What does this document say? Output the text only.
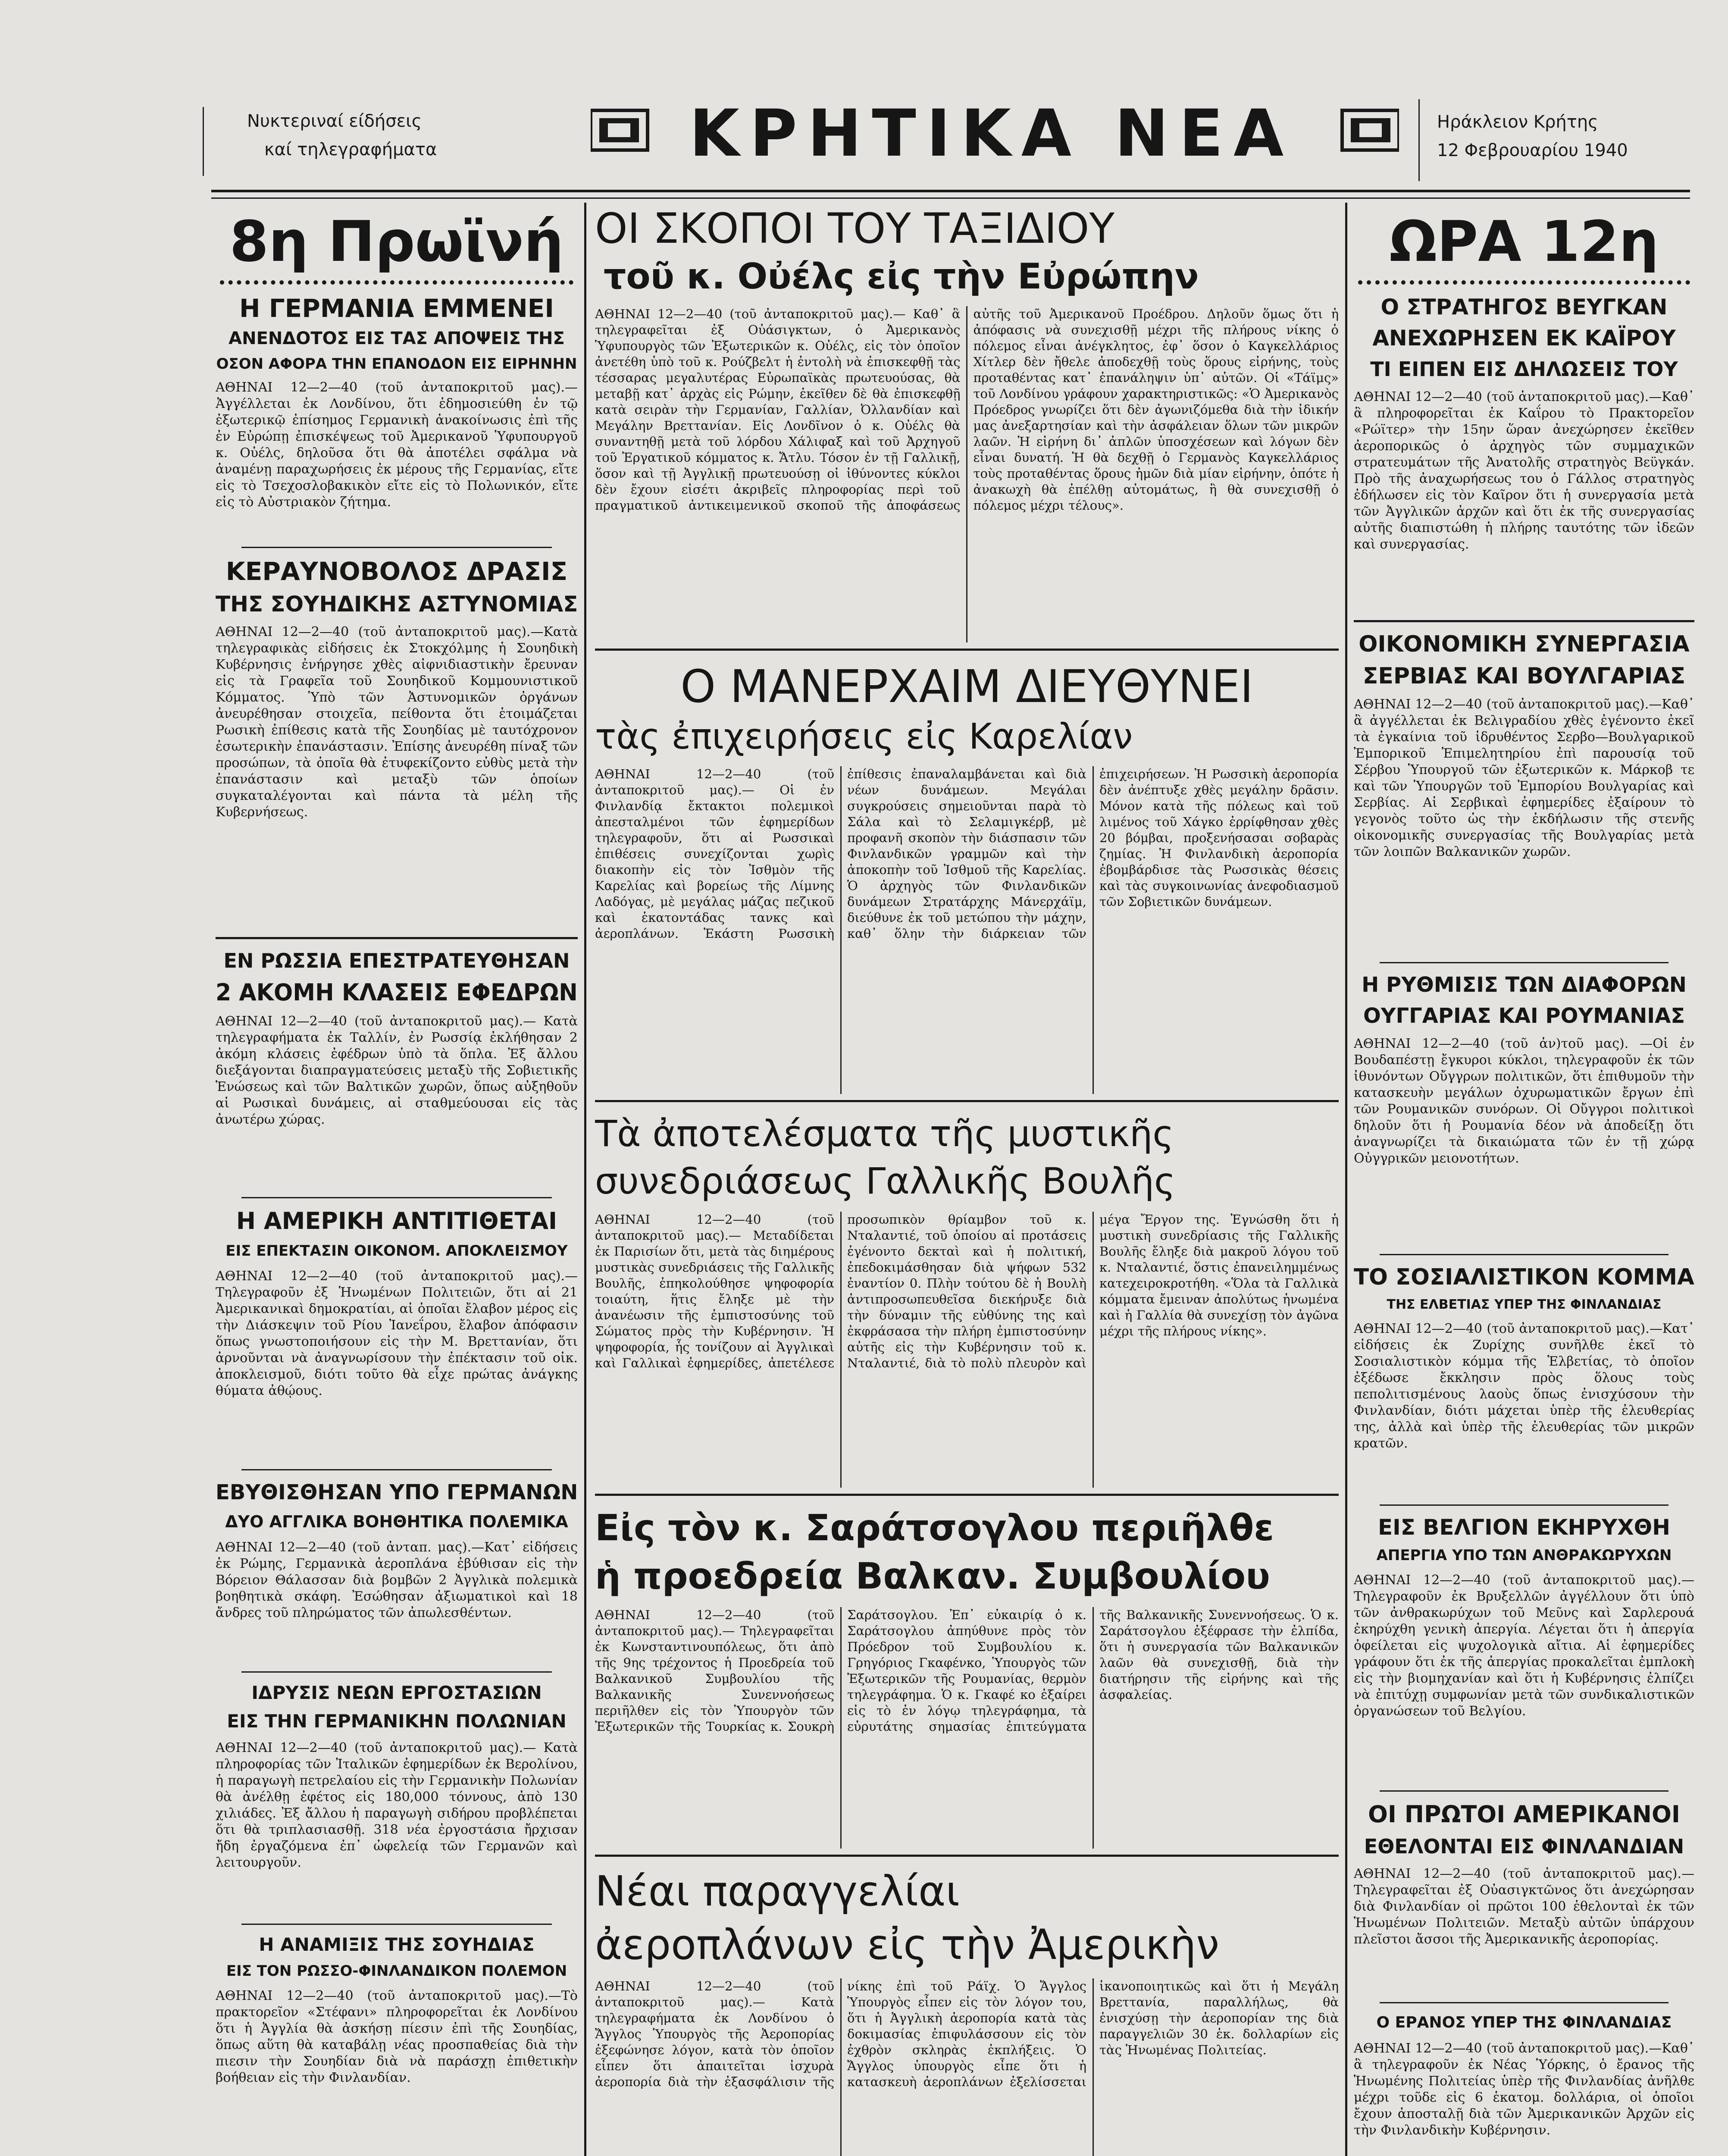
Νυκτεριναί είδήσεις
καί τηλεγραφήματα	ΚΡΗΤΙΚΑ ΝΕΑ	Ηράκλειον Κρήτης
12 Φεβρουαρίου 1940
8η Πρωϊνή
Η ΓΕΡΜΑΝΙΑ ΕΜΜΕΝΕΙ
ΑΝΕΝΔΟΤΟΣ ΕΙΣ ΤΑΣ ΑΠΟΨΕΙΣ ΤΗΣ
ΟΣΟΝ ΑΦΟΡΑ ΤΗΝ ΕΠΑΝΟΔΟΝ ΕΙΣ ΕΙΡΗΝΗΝ
ΑΘΗΝΑΙ 12—2—40 (τοῦ ἀνταποκριτοῦ μας).—Ἀγγέλλεται ἐκ Λονδίνου, ὅτι ἐδημοσιεύθη ἐν τῷ ἐξωτερικῷ ἐπίσημος Γερμανικὴ ἀνακοίνωσις ἐπὶ τῆς ἐν Εὐρώπῃ ἐπισκέψεως τοῦ Ἀμερικανοῦ Ὑφυπουργοῦ κ. Οὐέλς, δηλοῦσα ὅτι θὰ ἀποτέλει σφάλμα νὰ ἀναμένῃ παραχωρήσεις ἐκ μέρους τῆς Γερμανίας, εἴτε εἰς τὸ Τσεχοσλοβακικὸν εἴτε εἰς τὸ Πολωνικόν, εἴτε εἰς τὸ Αὐστριακὸν ζήτημα.
ΚΕΡΑΥΝΟΒΟΛΟΣ ΔΡΑΣΙΣ
ΤΗΣ ΣΟΥΗΔΙΚΗΣ ΑΣΤΥΝΟΜΙΑΣ
ΑΘΗΝΑΙ 12—2—40 (τοῦ ἀνταποκριτοῦ μας).—Κατὰ τηλεγραφικὰς εἰδήσεις ἐκ Στοκχόλμης ἡ Σουηδικὴ Κυβέρνησις ἐνήργησε χθὲς αἰφνιδιαστικὴν ἔρευναν εἰς τὰ Γραφεῖα τοῦ Σουηδικοῦ Κομμουνιστικοῦ Κόμματος. Ὑπὸ τῶν Ἀστυνομικῶν ὀργάνων ἀνευρέθησαν στοιχεῖα, πείθοντα ὅτι ἑτοιμάζεται Ρωσικὴ ἐπίθεσις κατὰ τῆς Σουηδίας μὲ ταυτόχρονον ἐσωτερικὴν ἐπανάστασιν. Ἐπίσης ἀνευρέθη πίναξ τῶν προσώπων, τὰ ὁποῖα θὰ ἐτυφεκίζοντο εὐθὺς μετὰ τὴν ἐπανάστασιν καὶ μεταξὺ τῶν ὁποίων συγκαταλέγονται καὶ πάντα τὰ μέλη τῆς Κυβερνήσεως.
ΕΝ ΡΩΣΣΙΑ ΕΠΕΣΤΡΑΤΕΥΘΗΣΑΝ
2 ΑΚΟΜΗ ΚΛΑΣΕΙΣ ΕΦΕΔΡΩΝ
ΑΘΗΝΑΙ 12—2—40 (τοῦ ἀνταποκριτοῦ μας).— Κατὰ τηλεγραφήματα ἐκ Ταλλίν, ἐν Ρωσσίᾳ ἐκλήθησαν 2 ἀκόμη κλάσεις ἐφέδρων ὑπὸ τὰ ὅπλα. Ἐξ ἄλλου διεξάγονται διαπραγματεύσεις μεταξὺ τῆς Σοβιετικῆς Ἑνώσεως καὶ τῶν Βαλτικῶν χωρῶν, ὅπως αὐξηθοῦν αἱ Ρωσικαὶ δυνάμεις, αἱ σταθμεύουσαι εἰς τὰς ἀνωτέρω χώρας.
Η ΑΜΕΡΙΚΗ ΑΝΤΙΤΙΘΕΤΑΙ
ΕΙΣ ΕΠΕΚΤΑΣΙΝ ΟΙΚΟΝΟΜ. ΑΠΟΚΛΕΙΣΜΟΥ
ΑΘΗΝΑΙ 12—2—40 (τοῦ ἀνταποκριτοῦ μας).—Τηλεγραφοῦν ἐξ Ἡνωμένων Πολιτειῶν, ὅτι αἱ 21 Ἀμερικανικαὶ δημοκρατίαι, αἱ ὁποῖαι ἔλαβον μέρος εἰς τὴν Διάσκεψιν τοῦ Ρίου Ἰανεΐρου, ἔλαβον ἀπόφασιν ὅπως γνωστοποιήσουν εἰς τὴν Μ. Βρεττανίαν, ὅτι ἀρνοῦνται νὰ ἀναγνωρίσουν τὴν ἐπέκτασιν τοῦ οἰκ. ἀποκλεισμοῦ, διότι τοῦτο θὰ εἶχε πρώτας ἀνάγκης θύματα ἀθῴους.
ΕΒΥΘΙΣΘΗΣΑΝ ΥΠΟ ΓΕΡΜΑΝΩΝ
ΔΥΟ ΑΓΓΛΙΚΑ ΒΟΗΘΗΤΙΚΑ ΠΟΛΕΜΙΚΑ
ΑΘΗΝΑΙ 12—2—40 (τοῦ ἀνταπ. μας).—Κατ᾽ εἰδήσεις ἐκ Ρώμης, Γερμανικὰ ἀεροπλάνα ἐβύθισαν εἰς τὴν Βόρειον Θάλασσαν διὰ βομβῶν 2 Ἀγγλικὰ πολεμικὰ βοηθητικὰ σκάφη. Ἐσώθησαν ἀξιωματικοὶ καὶ 18 ἄνδρες τοῦ πληρώματος τῶν ἀπωλεσθέντων.
ΙΔΡΥΣΙΣ ΝΕΩΝ ΕΡΓΟΣΤΑΣΙΩΝ
ΕΙΣ ΤΗΝ ΓΕΡΜΑΝΙΚΗΝ ΠΟΛΩΝΙΑΝ
ΑΘΗΝΑΙ 12—2—40 (τοῦ ἀνταποκριτοῦ μας).— Κατὰ πληροφορίας τῶν Ἰταλικῶν ἐφημερίδων ἐκ Βερολίνου, ἡ παραγωγὴ πετρελαίου εἰς τὴν Γερμανικὴν Πολωνίαν θὰ ἀνέλθῃ ἐφέτος εἰς 180,000 τόννους, ἀπὸ 130 χιλιάδες. Ἐξ ἄλλου ἡ παραγωγὴ σιδήρου προβλέπεται ὅτι θὰ τριπλασιασθῇ. 318 νέα ἐργοστάσια ἤρχισαν ἤδη ἐργαζόμενα ἐπ᾽ ὠφελείᾳ τῶν Γερμανῶν καὶ λειτουργοῦν.
Η ΑΝΑΜΙΞΙΣ ΤΗΣ ΣΟΥΗΔΙΑΣ
ΕΙΣ ΤΟΝ ΡΩΣΣΟ-ΦΙΝΛΑΝΔΙΚΟΝ ΠΟΛΕΜΟΝ
ΑΘΗΝΑΙ 12—2—40 (τοῦ ἀνταποκριτοῦ μας).—Τὸ πρακτορεῖον «Στέφανι» πληροφορεῖται ἐκ Λονδίνου ὅτι ἡ Ἀγγλία θὰ ἀσκήσῃ πίεσιν ἐπὶ τῆς Σουηδίας, ὅπως αὕτη θὰ καταβάλῃ νέας προσπαθείας διὰ τὴν πιεσιν τὴν Σουηδίαν διὰ νὰ παράσχῃ ἐπιθετικὴν βοήθειαν εἰς τὴν Φινλανδίαν.
ΟΙ ΣΚΟΠΟΙ ΤΟΥ ΤΑΞΙΔΙΟΥ
τοῦ κ. Οὐέλς εἰς τὴν Εὐρώπην
ΑΘΗΝΑΙ 12—2—40 (τοῦ ἀνταποκριτοῦ μας).— Καθ᾽ ἃ τηλεγραφεῖται ἐξ Οὐάσιγκτων, ὁ Ἀμερικανὸς Ὑφυπουργὸς τῶν Ἐξωτερικῶν κ. Οὐέλς, εἰς τὸν ὁποῖον ἀνετέθη ὑπὸ τοῦ κ. Ρούζβελτ ἡ ἐντολὴ νὰ ἐπισκεφθῇ τὰς τέσσαρας μεγαλυτέρας Εὐρωπαϊκὰς πρωτευούσας, θὰ μεταβῇ κατ᾽ ἀρχὰς εἰς Ρώμην, ἐκεῖθεν δὲ θὰ ἐπισκεφθῇ κατὰ σειρὰν τὴν Γερμανίαν, Γαλλίαν, Ὀλλανδίαν καὶ Μεγάλην Βρεττανίαν. Εἰς Λονδῖνον ὁ κ. Οὐέλς θὰ συναντηθῇ μετὰ τοῦ λόρδου Χάλιφαξ καὶ τοῦ Ἀρχηγοῦ τοῦ Ἐργατικοῦ κόμματος κ. Ἄτλυ. Τόσον ἐν τῇ Γαλλικῇ, ὅσον καὶ τῇ Ἀγγλικῇ πρωτευούσῃ οἱ ἰθύνοντες κύκλοι δὲν ἔχουν εἰσέτι ἀκριβεῖς πληροφορίας περὶ τοῦ πραγματικοῦ ἀντικειμενικοῦ σκοποῦ τῆς ἀποφάσεως αὐτῆς τοῦ Ἀμερικανοῦ Προέδρου. Δηλοῦν ὅμως ὅτι ἡ ἀπόφασις νὰ συνεχισθῇ μέχρι τῆς πλήρους νίκης ὁ πόλεμος εἶναι ἀνέγκλητος, ἐφ᾽ ὅσον ὁ Καγκελλάριος Χίτλερ δὲν ἤθελε ἀποδεχθῇ τοὺς ὅρους εἰρήνης, τοὺς προταθέντας κατ᾽ ἐπανάληψιν ὑπ᾽ αὐτῶν. Οἱ «Τάϊμς» τοῦ Λονδίνου γράφουν χαρακτηριστικῶς: «Ὁ Ἀμερικανὸς Πρόεδρος γνωρίζει ὅτι δὲν ἀγωνιζόμεθα διὰ τὴν ἰδικήν μας ἀνεξαρτησίαν καὶ τὴν ἀσφάλειαν ὅλων τῶν μικρῶν λαῶν. Ἡ εἰρήνη δι᾽ ἀπλῶν ὑποσχέσεων καὶ λόγων δὲν εἶναι δυνατή. Ἡ θὰ δεχθῇ ὁ Γερμανὸς Καγκελλάριος τοὺς προταθέντας ὅρους ἡμῶν διὰ μίαν εἰρήνην, ὁπότε ἡ ἀνακωχὴ θὰ ἐπέλθῃ αὐτομάτως, ἢ θὰ συνεχισθῇ ὁ πόλεμος μέχρι τέλους».
Ο ΜΑΝΕΡΧΑΙΜ ΔΙΕΥΘΥΝΕΙ
τὰς ἐπιχειρήσεις εἰς Καρελίαν
ΑΘΗΝΑΙ 12—2—40 (τοῦ ἀνταποκριτοῦ μας).— Οἱ ἐν Φινλανδίᾳ ἔκτακτοι πολεμικοὶ ἀπεσταλμένοι τῶν ἐφημερίδων τηλεγραφοῦν, ὅτι αἱ Ρωσσικαὶ ἐπιθέσεις συνεχίζονται χωρὶς διακοπὴν εἰς τὸν Ἰσθμὸν τῆς Καρελίας καὶ βορείως τῆς Λίμνης Λαδόγας, μὲ μεγάλας μάζας πεζικοῦ καὶ ἑκατοντάδας τανκς καὶ ἀεροπλάνων. Ἑκάστη Ρωσσικὴ ἐπίθεσις ἐπαναλαμβάνεται καὶ διὰ νέων δυνάμεων. Μεγάλαι συγκρούσεις σημειοῦνται παρὰ τὸ Σάλα καὶ τὸ Σελαμιγκέρβ, μὲ προφανῆ σκοπὸν τὴν διάσπασιν τῶν Φινλανδικῶν γραμμῶν καὶ τὴν ἀποκοπὴν τοῦ Ἰσθμοῦ τῆς Καρελίας. Ὁ ἀρχηγὸς τῶν Φινλανδικῶν δυνάμεων Στρατάρχης Μάνερχάϊμ, διεύθυνε ἐκ τοῦ μετώπου τὴν μάχην, καθ᾽ ὅλην τὴν διάρκειαν τῶν ἐπιχειρήσεων. Ἡ Ρωσσικὴ ἀεροπορία δὲν ἀνέπτυξε χθὲς μεγάλην δρᾶσιν. Μόνον κατὰ τῆς πόλεως καὶ τοῦ λιμένος τοῦ Χάγκο ἐρρίφθησαν χθὲς 20 βόμβαι, προξενήσασαι σοβαρὰς ζημίας. Ἡ Φινλανδικὴ ἀεροπορία ἐβομβάρδισε τὰς Ρωσσικὰς θέσεις καὶ τὰς συγκοινωνίας ἀνεφοδιασμοῦ τῶν Σοβιετικῶν δυνάμεων.
Τὰ ἀποτελέσματα τῆς μυστικῆς
συνεδριάσεως Γαλλικῆς Βουλῆς
ΑΘΗΝΑΙ 12—2—40 (τοῦ ἀνταποκριτοῦ μας).— Μεταδίδεται ἐκ Παρισίων ὅτι, μετὰ τὰς διημέρους μυστικὰς συνεδριάσεις τῆς Γαλλικῆς Βουλῆς, ἐπηκολούθησε ψηφοφορία τοιαύτη, ἥτις ἔληξε μὲ τὴν ἀνανέωσιν τῆς ἐμπιστοσύνης τοῦ Σώματος πρὸς τὴν Κυβέρνησιν. Ἡ ψηφοφορία, ἧς τονίζουν αἱ Ἀγγλικαὶ καὶ Γαλλικαὶ ἐφημερίδες, ἀπετέλεσε προσωπικὸν θρίαμβον τοῦ κ. Νταλαντιέ, τοῦ ὁποίου αἱ προτάσεις ἐγένοντο δεκταὶ καὶ ἡ πολιτική, ἐπεδοκιμάσθησαν διὰ ψήφων 532 ἐναντίον 0. Πλὴν τούτου δὲ ἡ Βουλὴ ἀντιπροσωπευθεῖσα διεκήρυξε διὰ τὴν δύναμιν τῆς εὐθύνης της καὶ ἐκφράσασα τὴν πλήρη ἐμπιστοσύνην αὐτῆς εἰς τὴν Κυβέρνησιν τοῦ κ. Νταλαντιέ, διὰ τὸ πολὺ πλευρὸν καὶ μέγα Ἔργον της. Ἐγνώσθη ὅτι ἡ μυστικὴ συνεδρίασις τῆς Γαλλικῆς Βουλῆς ἔληξε διὰ μακροῦ λόγου τοῦ κ. Νταλαντιέ, ὅστις ἐπανειλημμένως κατεχειροκροτήθη. «Ὅλα τὰ Γαλλικὰ κόμματα ἔμειναν ἀπολύτως ἡνωμένα καὶ ἡ Γαλλία θὰ συνεχίσῃ τὸν ἀγῶνα μέχρι τῆς πλήρους νίκης».
Εἰς τὸν κ. Σαράτσογλου περιῆλθε
ἡ προεδρεία Βαλκαν. Συμβουλίου
ΑΘΗΝΑΙ 12—2—40 (τοῦ ἀνταποκριτοῦ μας).— Τηλεγραφεῖται ἐκ Κωνσταντινουπόλεως, ὅτι ἀπὸ τῆς 9ης τρέχοντος ἡ Προεδρεία τοῦ Βαλκανικοῦ Συμβουλίου τῆς Βαλκανικῆς Συνεννοήσεως περιῆλθεν εἰς τὸν Ὑπουργὸν τῶν Ἐξωτερικῶν τῆς Τουρκίας κ. Σουκρὴ Σαράτσογλου. Ἐπ᾽ εὐκαιρίᾳ ὁ κ. Σαράτσογλου ἀπηύθυνε πρὸς τὸν Πρόεδρον τοῦ Συμβουλίου κ. Γρηγόριος Γκαφένκο, Ὑπουργὸς τῶν Ἐξωτερικῶν τῆς Ρουμανίας, θερμὸν τηλεγράφημα. Ὁ κ. Γκαφέ κο ἐξαίρει εἰς τὸ ἐν λόγῳ τηλεγράφημα, τὰ εὐρυτάτης σημασίας ἐπιτεύγματα τῆς Βαλκανικῆς Συνεννοήσεως. Ὁ κ. Σαράτσογλου ἐξέφρασε τὴν ἐλπίδα, ὅτι ἡ συνεργασία τῶν Βαλκανικῶν λαῶν θὰ συνεχισθῇ, διὰ τὴν διατήρησιν τῆς εἰρήνης καὶ τῆς ἀσφαλείας.
Νέαι παραγγελίαι
ἀεροπλάνων εἰς τὴν Ἀμερικὴν
ΑΘΗΝΑΙ 12—2—40 (τοῦ ἀνταποκριτοῦ μας).— Κατὰ τηλεγραφήματα ἐκ Λονδίνου ὁ Ἄγγλος Ὑπουργὸς τῆς Ἀεροπορίας ἐξεφώνησε λόγον, κατὰ τὸν ὁποῖον εἶπεν ὅτι ἀπαιτεῖται ἰσχυρὰ ἀεροπορία διὰ τὴν ἐξασφάλισιν τῆς νίκης ἐπὶ τοῦ Ράϊχ. Ὁ Ἄγγλος Ὑπουργὸς εἶπεν εἰς τὸν λόγον του, ὅτι ἡ Ἀγγλικὴ ἀεροπορία κατὰ τὰς δοκιμασίας ἐπιφυλάσσουν εἰς τὸν ἐχθρὸν σκληρὰς ἐκπλήξεις. Ὁ Ἄγγλος ὑπουργὸς εἶπε ὅτι ἡ κατασκευὴ ἀεροπλάνων ἐξελίσσεται ἱκανοποιητικῶς καὶ ὅτι ἡ Μεγάλη Βρεττανία, παραλλήλως, θὰ ἐνισχύσῃ τὴν ἀεροπορίαν της διὰ παραγγελιῶν 30 ἑκ. δολλαρίων εἰς τὰς Ἡνωμένας Πολιτείας.
ΩΡΑ 12η
Ο ΣΤΡΑΤΗΓΟΣ ΒΕΥΓΚΑΝ
ΑΝΕΧΩΡΗΣΕΝ ΕΚ ΚΑΪΡΟΥ
ΤΙ ΕΙΠΕΝ ΕΙΣ ΔΗΛΩΣΕΙΣ ΤΟΥ
ΑΘΗΝΑΙ 12—2—40 (τοῦ ἀνταποκριτοῦ μας).—Καθ᾽ ἃ πληροφορεῖται ἐκ Καΐρου τὸ Πρακτορεῖον «Ρώϊτερ» τὴν 15ην ὥραν ἀνεχώρησεν ἐκεῖθεν ἀεροπορικῶς ὁ ἀρχηγὸς τῶν συμμαχικῶν στρατευμάτων τῆς Ἀνατολῆς στρατηγὸς Βεϋγκάν. Πρὸ τῆς ἀναχωρήσεως του ὁ Γάλλος στρατηγὸς ἐδήλωσεν εἰς τὸν Καῖρον ὅτι ἡ συνεργασία μετὰ τῶν Ἀγγλικῶν ἀρχῶν καὶ ὅτι ἐκ τῆς συνεργασίας αὐτῆς διαπιστώθη ἡ πλήρης ταυτότης τῶν ἰδεῶν καὶ συνεργασίας.
ΟΙΚΟΝΟΜΙΚΗ ΣΥΝΕΡΓΑΣΙΑ
ΣΕΡΒΙΑΣ ΚΑΙ ΒΟΥΛΓΑΡΙΑΣ
ΑΘΗΝΑΙ 12—2—40 (τοῦ ἀνταποκριτοῦ μας).—Καθ᾽ ἃ ἀγγέλλεται ἐκ Βελιγραδίου χθὲς ἐγένοντο ἐκεῖ τὰ ἐγκαίνια τοῦ ἱδρυθέντος Σερβο—Βουλγαρικοῦ Ἐμπορικοῦ Ἐπιμελητηρίου ἐπὶ παρουσίᾳ τοῦ Σέρβου Ὑπουργοῦ τῶν ἐξωτερικῶν κ. Μάρκοβ τε καὶ τῶν Ὑπουργῶν τοῦ Ἐμπορίου Βουλγαρίας καὶ Σερβίας. Αἱ Σερβικαὶ ἐφημερίδες ἐξαίρουν τὸ γεγονὸς τοῦτο ὡς τὴν ἐκδήλωσιν τῆς στενῆς οἰκονομικῆς συνεργασίας τῆς Βουλγαρίας μετὰ τῶν λοιπῶν Βαλκανικῶν χωρῶν.
Η ΡΥΘΜΙΣΙΣ ΤΩΝ ΔΙΑΦΟΡΩΝ
ΟΥΓΓΑΡΙΑΣ ΚΑΙ ΡΟΥΜΑΝΙΑΣ
ΑΘΗΝΑΙ 12—2—40 (τοῦ ἀν)τοῦ μας). —Οἱ ἐν Βουδαπέστῃ ἔγκυροι κύκλοι, τηλεγραφοῦν ἐκ τῶν ἰθυνόντων Οὔγγρων πολιτικῶν, ὅτι ἐπιθυμοῦν τὴν κατασκευὴν μεγάλων ὀχυρωματικῶν ἔργων ἐπὶ τῶν Ρουμανικῶν συνόρων. Οἱ Οὔγγροι πολιτικοὶ δηλοῦν ὅτι ἡ Ρουμανία δέον νὰ ἀποδείξῃ ὅτι ἀναγνωρίζει τὰ δικαιώματα τῶν ἐν τῇ χώρᾳ Οὐγγρικῶν μειονοτήτων.
ΤΟ ΣΟΣΙΑΛΙΣΤΙΚΟΝ ΚΟΜΜΑ
ΤΗΣ ΕΛΒΕΤΙΑΣ ΥΠΕΡ ΤΗΣ ΦΙΝΛΑΝΔΙΑΣ
ΑΘΗΝΑΙ 12—2—40 (τοῦ ἀνταποκριτοῦ μας).—Κατ᾽ εἰδήσεις ἐκ Ζυρίχης συνῆλθε ἐκεῖ τὸ Σοσιαλιστικὸν κόμμα τῆς Ἑλβετίας, τὸ ὁποῖον ἐξέδωσε ἔκκλησιν πρὸς ὅλους τοὺς πεπολιτισμένους λαοὺς ὅπως ἐνισχύσουν τὴν Φινλανδίαν, διότι μάχεται ὑπὲρ τῆς ἐλευθερίας της, ἀλλὰ καὶ ὑπὲρ τῆς ἐλευθερίας τῶν μικρῶν κρατῶν.
ΕΙΣ ΒΕΛΓΙΟΝ ΕΚΗΡΥΧΘΗ
ΑΠΕΡΓΙΑ ΥΠΟ ΤΩΝ ΑΝΘΡΑΚΩΡΥΧΩΝ
ΑΘΗΝΑΙ 12—2—40 (τοῦ ἀνταποκριτοῦ μας).—Τηλεγραφοῦν ἐκ Βρυξελλῶν ἀγγέλλουν ὅτι ὑπὸ τῶν ἀνθρακωρύχων τοῦ Μεῦνς καὶ Σαρλερουά ἐκηρύχθη γενικὴ ἀπεργία. Λέγεται ὅτι ἡ ἀπεργία ὀφείλεται εἰς ψυχολογικὰ αἴτια. Αἱ ἐφημερίδες γράφουν ὅτι ἐκ τῆς ἀπεργίας προκαλεῖται ἐμπλοκὴ εἰς τὴν βιομηχανίαν καὶ ὅτι ἡ Κυβέρνησις ἐλπίζει νὰ ἐπιτύχῃ συμφωνίαν μετὰ τῶν συνδικαλιστικῶν ὀργανώσεων τοῦ Βελγίου.
ΟΙ ΠΡΩΤΟΙ ΑΜΕΡΙΚΑΝΟΙ
ΕΘΕΛΟΝΤΑΙ ΕΙΣ ΦΙΝΛΑΝΔΙΑΝ
ΑΘΗΝΑΙ 12—2—40 (τοῦ ἀνταποκριτοῦ μας).—Τηλεγραφεῖται ἐξ Οὐασιγκτῶνος ὅτι ἀνεχώρησαν διὰ Φινλανδίαν οἱ πρῶτοι 100 ἐθελονταὶ ἐκ τῶν Ἡνωμένων Πολιτειῶν. Μεταξὺ αὐτῶν ὑπάρχουν πλεῖστοι ἄσσοι τῆς Ἀμερικανικῆς ἀεροπορίας.
Ο ΕΡΑΝΟΣ ΥΠΕΡ ΤΗΣ ΦΙΝΛΑΝΔΙΑΣ
ΑΘΗΝΑΙ 12—2—40 (τοῦ ἀνταποκριτοῦ μας).—Καθ᾽ ἃ τηλεγραφοῦν ἐκ Νέας Ὑόρκης, ὁ ἔρανος τῆς Ἡνωμένης Πολιτείας ὑπὲρ τῆς Φινλανδίας ἀνῆλθε μέχρι τοῦδε εἰς 6 ἑκατομ. δολλάρια, οἱ ὁποῖοι ἔχουν ἀποσταλῇ διὰ τῶν Ἀμερικανικῶν Ἀρχῶν εἰς τὴν Φινλανδικὴν Κυβέρνησιν.
